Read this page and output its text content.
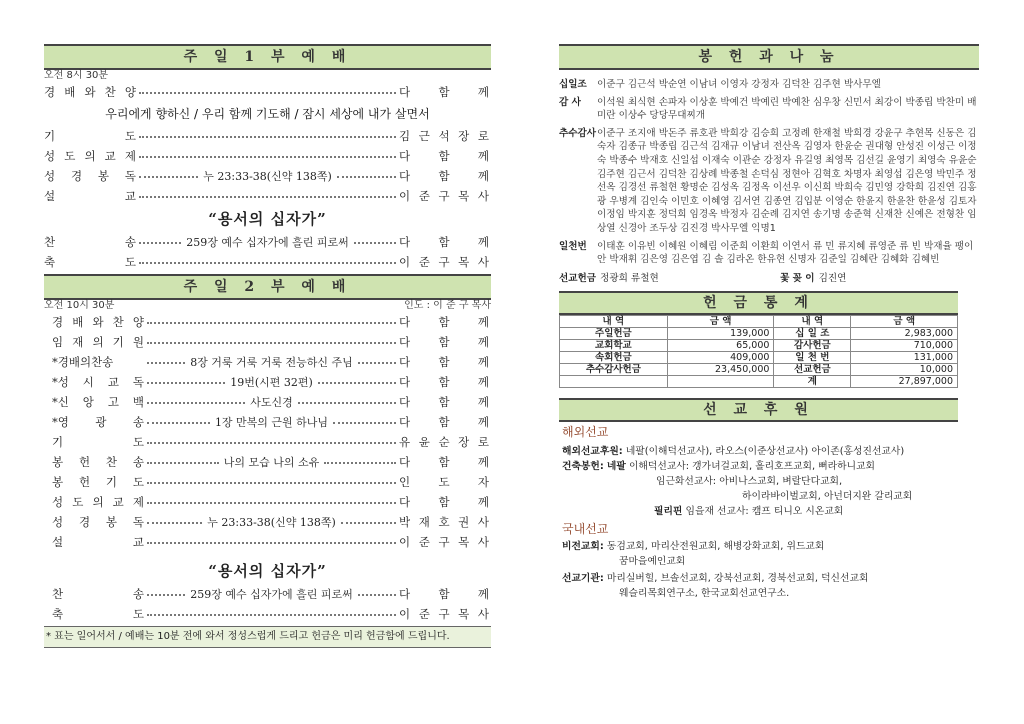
주 일 1 부 예 배
오전 8시 30분
경 배 와 찬 양	다 함 께
우리에게 향하신 / 우리 함께 기도해 / 잠시 세상에 내가 살면서
기 도	김 근 석 장 로
성 도 의 교 제	다 함 께
성 경 봉 독	누 23:33-38(신약 138쪽)	다 함 께
설 교	이 준 구 목 사
“용서의 십자가”
찬 송	259장 예수 십자가에 흘린 피로써	다 함 께
축 도	이 준 구 목 사
주 일 2 부 예 배
오전 10시 30분	인도 : 이 준 구 목사
경 배 와 찬 양	다 함 께
임 재 의 기 원	다 함 께
*경배의찬송	8장 거룩 거룩 거룩 전능하신 주님	다 함 께
*성 시 교 독	19번(시편 32편)	다 함 께
*신 앙 고 백	사도신경	다 함 께
*영 광 송	1장 만복의 근원 하나님	다 함 께
기 도	유 윤 순 장 로
봉 헌 찬 송	나의 모습 나의 소유	다 함 께
봉 헌 기 도	인 도 자
성 도 의 교 제	다 함 께
성 경 봉 독	누 23:33-38(신약 138쪽)	박 재 호 권 사
설 교	이 준 구 목 사
“용서의 십자가”
찬 송	259장 예수 십자가에 흘린 피로써	다 함 께
축 도	이 준 구 목 사
* 표는 일어서서 / 예배는 10분 전에 와서 정성스럽게 드리고 헌금은 미리 헌금함에 드립니다.
봉 헌 과 나 눔
십일조	이준구 김근석 박순연 이남녀 이영자 강정자 김덕찬 김주현 박사무엘
감 사	이석원 최식현 손파자 이상훈 박예건 박예린 박예찬 심우창 신민서 최강이 박종립 박찬미 배미란 이상수 당당무대찌개
추수감사 이준구 조지애 박돈주 류호관 박희강 김승희 고정례 한재철 박희경 강윤구 추현목 신동은 김숙자 김종규 박종립 김근석 김재규 이남녀 전산옥 김영자 한윤순 권대형 안성진 이성근 이정숙 박종수 박재호 신일섭 이재숙 이관순 강정자 유길영 최영목 김선길 윤영기 최영숙 유윤순 김주현 김근서 김덕찬 김상례 박종철 손덕심 정현아 김혁호 차명자 최영섭 김은영 박민주 정선옥 김경선 류철현 황명순 김성옥 김정옥 이선우 이신희 박희숙 김민영 강학희 김진연 김홍광 우병계 김인숙 이민호 이혜영 김서연 김종연 김입분 이영순 한윤지 한윤찬 한윤성 김토자 이정임 박지훈 정덕희 임경옥 박정자 김순례 김지연 송기명 송준혁 신재찬 신예은 전형찬 임상열 신경아 조두상 김진경 박사무엘 익명1
일천번	이태훈 이유빈 이혜원 이혜림 이준희 이환희 이연서 류 민 류지혜 류영준 류 빈 박재율 팽이안 박재휘 김은영 김은엽 김 솔 김라온 한유현 신명자 김준일 김혜란 김혜화 김혜빈
선교헌금 정광희 류철현	꽃 꽂 이 김진연
헌 금 통 계
내 역	금 액	내 역	금 액
주일헌금	139,000	십 일 조	2,983,000
교회학교	65,000	감사헌금	710,000
속회헌금	409,000	일 천 번	131,000
추수감사헌금	23,450,000	선교헌금	10,000
		계	27,897,000
선 교 후 원
해외선교
해외선교후원: 네팔(이해덕선교사), 라오스(이준상선교사) 아이존(홍성진선교사)
건축봉헌: 네팔 이해덕선교사: 갱가녀걸교회, 홀리호프교회, 뻐라하니교회
임근화선교사: 아비나스교회, 벼랄단다교회,
하이라바이벌교회, 아넌더지완 갈리교회
필리핀 임을재 선교사: 캠프 티니오 시온교회
국내선교
비전교회: 동검교회, 마리산전원교회, 해병강화교회, 위드교회
꿈마을예인교회
선교기관: 마리실버힐, 브솔선교회, 강북선교회, 경북선교회, 덕신선교회
웨슬리목회연구소, 한국교회선교연구소.
